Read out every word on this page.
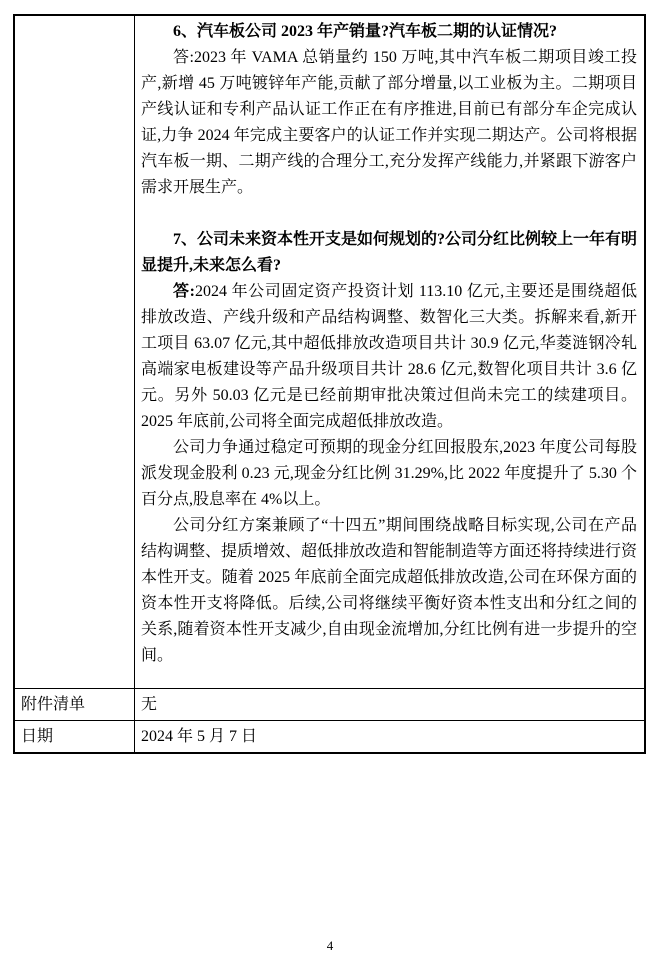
6、汽车板公司 2023 年产销量?汽车板二期的认证情况?

答:2023 年 VAMA 总销量约 150 万吨,其中汽车板二期项目竣工投产,新增 45 万吨镀锌年产能,贡献了部分增量,以工业板为主。二期项目产线认证和专利产品认证工作正在有序推进,目前已有部分车企完成认证,力争 2024 年完成主要客户的认证工作并实现二期达产。公司将根据汽车板一期、二期产线的合理分工,充分发挥产线能力,并紧跟下游客户需求开展生产。

7、公司未来资本性开支是如何规划的?公司分红比例较上一年有明显提升,未来怎么看?

答:2024 年公司固定资产投资计划 113.10 亿元,主要还是围绕超低排放改造、产线升级和产品结构调整、数智化三大类。拆解来看,新开工项目 63.07 亿元,其中超低排放改造项目共计 30.9 亿元,华菱涟钢冷轧高端家电板建设等产品升级项目共计 28.6 亿元,数智化项目共计 3.6 亿元。另外 50.03 亿元是已经前期审批决策过但尚未完工的续建项目。2025 年底前,公司将全面完成超低排放改造。

公司力争通过稳定可预期的现金分红回报股东,2023 年度公司每股派发现金股利 0.23 元,现金分红比例 31.29%,比 2022 年度提升了 5.30 个百分点,股息率在 4%以上。

公司分红方案兼顾了“十四五”期间围绕战略目标实现,公司在产品结构调整、提质增效、超低排放改造和智能制造等方面还将持续进行资本性开支。随着 2025 年底前全面完成超低排放改造,公司在环保方面的资本性开支将降低。后续,公司将继续平衡好资本性支出和分红之间的关系,随着资本性开支减少,自由现金流增加,分红比例有进一步提升的空间。

附件清单	无
日期	2024 年 5 月 7 日
4
